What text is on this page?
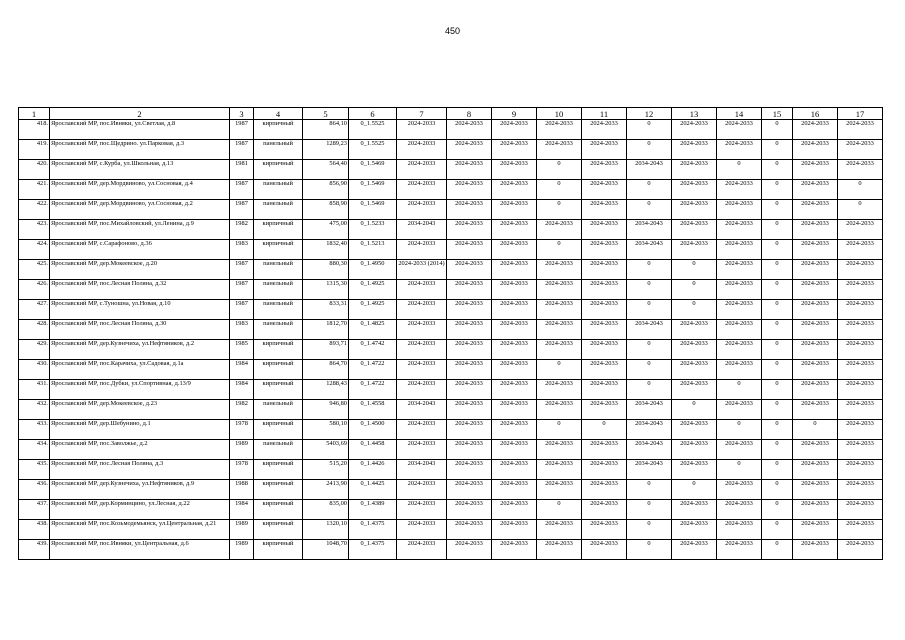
450
1	2	3	4	5	6	7	8	9	10	11	12	13	14	15	16	17
418.	Ярославский МР, пос.Ивняки, ул.Светлая, д.8	1987	кирпичный	864,10	0_1.5525	2024-2033	2024-2033	2024-2033	2024-2033	2024-2033	0	2024-2033	2024-2033	0	2024-2033	2024-2033
419.	Ярославский МР, пос.Щедрино. ул.Парковая, д.3	1987	панельный	1289,23	0_1.5525	2024-2033	2024-2033	2024-2033	2024-2033	2024-2033	0	2024-2033	2024-2033	0	2024-2033	2024-2033
420.	Ярославский МР, с.Курба, ул.Школьная, д.13	1981	кирпичный	564,40	0_1.5469	2024-2033	2024-2033	2024-2033	0	2024-2033	2034-2043	2024-2033	0	0	2024-2033	2024-2033
421.	Ярославский МР, дер.Мордвиново, ул.Сосновая, д.4	1987	панельный	856,90	0_1.5469	2024-2033	2024-2033	2024-2033	0	2024-2033	0	2024-2033	2024-2033	0	2024-2033	0
422.	Ярославский МР, дер.Мордвиново, ул.Сосновая, д.2	1987	панельный	858,90	0_1.5469	2024-2033	2024-2033	2024-2033	0	2024-2033	0	2024-2033	2024-2033	0	2024-2033	0
423.	Ярославский МР, пос.Михайловский, ул.Ленина, д.9	1982	кирпичный	475,00	0_1.5233	2034-2043	2024-2033	2024-2033	2024-2033	2024-2033	2034-2043	2024-2033	2024-2033	0	2024-2033	2024-2033
424.	Ярославский МР, с.Сарафоново, д.36	1983	кирпичный	1832,40	0_1.5213	2024-2033	2024-2033	2024-2033	0	2024-2033	2034-2043	2024-2033	2024-2033	0	2024-2033	2024-2033
425.	Ярославский МР, дер.Мокеевское, д.20	1987	панельный	880,30	0_1.4950	2024-2033 (2014)	2024-2033	2024-2033	2024-2033	2024-2033	0	0	2024-2033	0	2024-2033	2024-2033
426.	Ярославский МР, пос.Лесная Поляна, д.32	1987	панельный	1315,30	0_1.4925	2024-2033	2024-2033	2024-2033	2024-2033	2024-2033	0	0	2024-2033	0	2024-2033	2024-2033
427.	Ярославский МР, с.Туношна, ул.Новая, д.10	1987	панельный	833,31	0_1.4925	2024-2033	2024-2033	2024-2033	2024-2033	2024-2033	0	0	2024-2033	0	2024-2033	2024-2033
428.	Ярославский МР, пос.Лесная Поляна, д.30	1983	панельный	1812,70	0_1.4825	2024-2033	2024-2033	2024-2033	2024-2033	2024-2033	2034-2043	2024-2033	2024-2033	0	2024-2033	2024-2033
429.	Ярославский МР, дер.Кузнечиха, ул.Нефтяников, д.2	1985	кирпичный	893,71	0_1.4742	2024-2033	2024-2033	2024-2033	2024-2033	2024-2033	0	2024-2033	2024-2033	0	2024-2033	2024-2033
430.	Ярославский МР, пос.Карачиха, ул.Садовая, д.1а	1984	кирпичный	864,70	0_1.4722	2024-2033	2024-2033	2024-2033	0	2024-2033	0	2024-2033	2024-2033	0	2024-2033	2024-2033
431.	Ярославский МР, пос.Дубки, ул.Спортивная, д.13/9	1984	кирпичный	1288,43	0_1.4722	2024-2033	2024-2033	2024-2033	2024-2033	2024-2033	0	2024-2033	0	0	2024-2033	2024-2033
432.	Ярославский МР, дер.Мокеевское, д.23	1982	панельный	946,80	0_1.4558	2034-2043	2024-2033	2024-2033	2024-2033	2024-2033	2034-2043	0	2024-2033	0	2024-2033	2024-2033
433.	Ярославский МР, дер.Шебунино, д.1	1978	кирпичный	580,10	0_1.4500	2024-2033	2024-2033	2024-2033	0	0	2034-2043	2024-2033	0	0	0	2024-2033
434.	Ярославский МР, пос.Заволжье, д.2	1989	панельный	5403,69	0_1.4458	2024-2033	2024-2033	2024-2033	2024-2033	2024-2033	2034-2043	2024-2033	2024-2033	0	2024-2033	2024-2033
435.	Ярославский МР, пос.Лесная Поляна, д.3	1978	кирпичный	515,20	0_1.4426	2034-2043	2024-2033	2024-2033	2024-2033	2024-2033	2034-2043	2024-2033	0	0	2024-2033	2024-2033
436.	Ярославский МР, дер.Кузнечиха, ул.Нефтяников, д.9	1988	кирпичный	2413,90	0_1.4425	2024-2033	2024-2033	2024-2033	2024-2033	2024-2033	0	0	2024-2033	0	2024-2033	2024-2033
437.	Ярославский МР, дер.Корминцино, ул.Лесная, д.22	1984	кирпичный	835,00	0_1.4389	2024-2033	2024-2033	2024-2033	0	2024-2033	0	2024-2033	2024-2033	0	2024-2033	2024-2033
438.	Ярославский МР, пос.Козьмодемьянск, ул.Центральная, д.21	1989	кирпичный	1320,10	0_1.4375	2024-2033	2024-2033	2024-2033	2024-2033	2024-2033	0	2024-2033	2024-2033	0	2024-2033	2024-2033
439.	Ярославский МР, пос.Ивняки, ул.Центральная, д.6	1989	кирпичный	1048,70	0_1.4375	2024-2033	2024-2033	2024-2033	2024-2033	2024-2033	0	2024-2033	2024-2033	0	2024-2033	2024-2033
